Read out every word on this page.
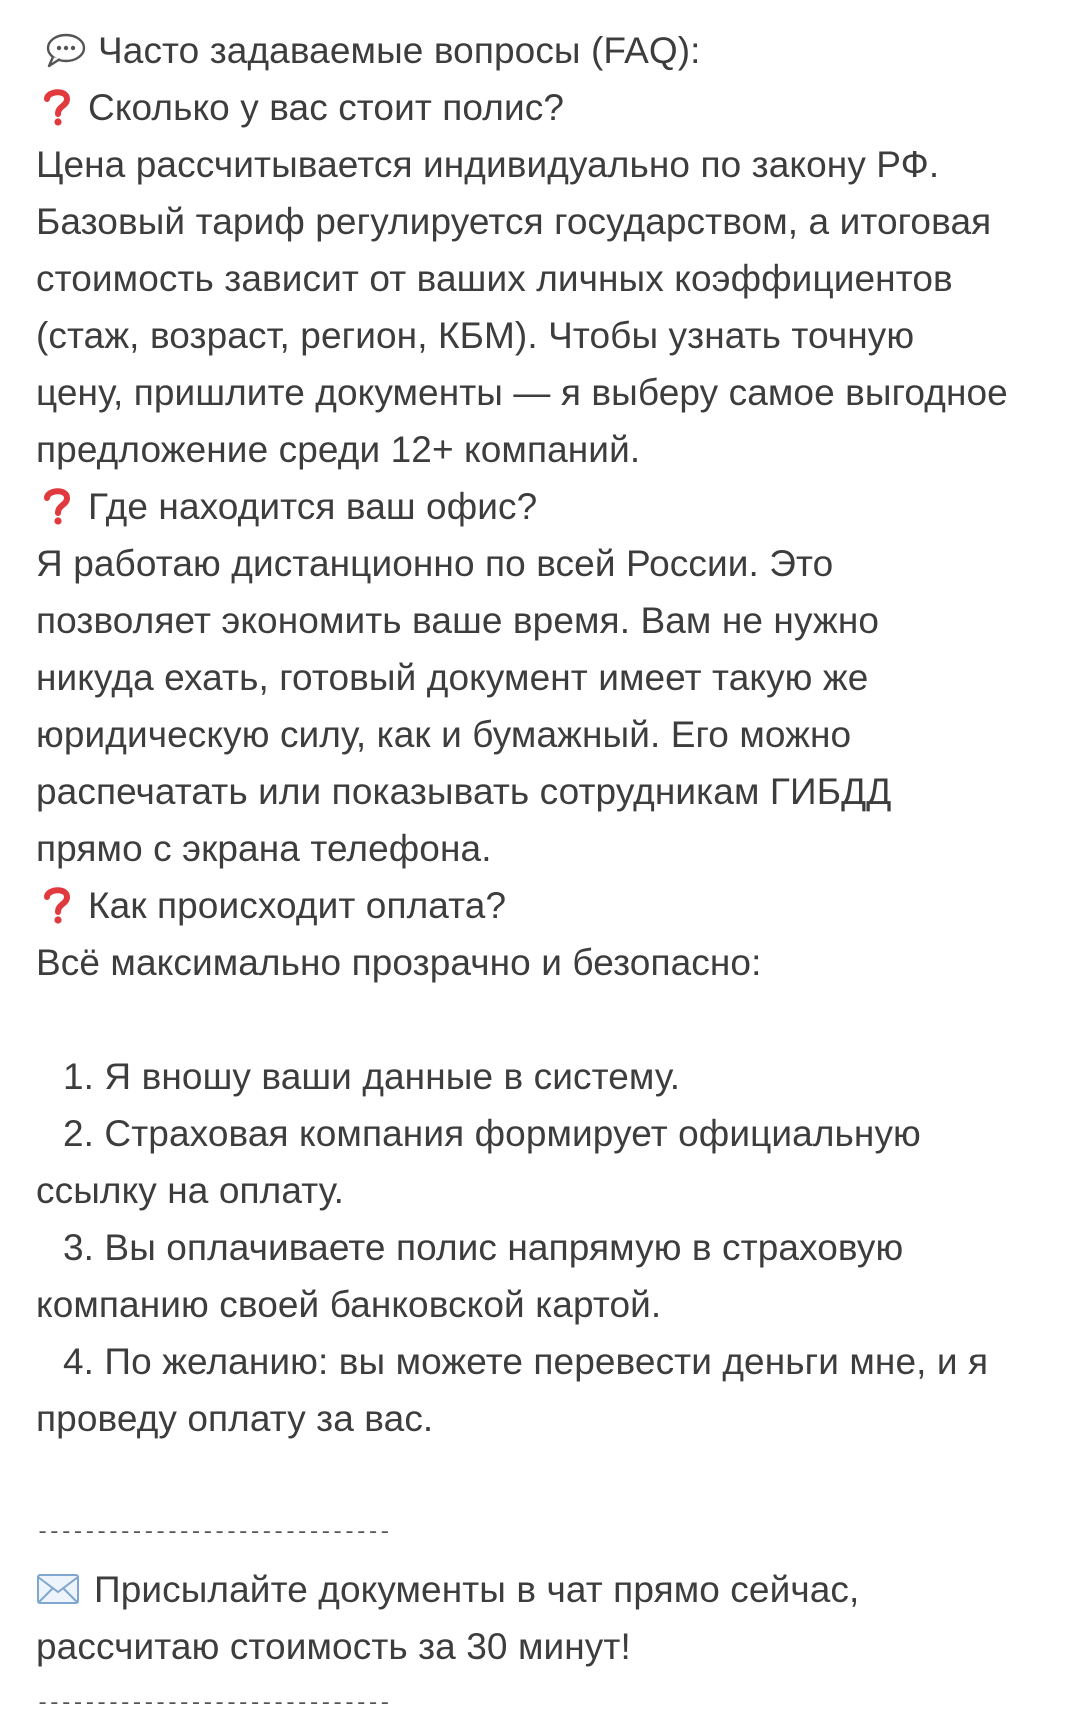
Часто задаваемые вопросы (FAQ):
Сколько у вас стоит полис?
Цена рассчитывается индивидуально по закону РФ.
Базовый тариф регулируется государством, а итоговая
стоимость зависит от ваших личных коэффициентов
(стаж, возраст, регион, КБМ). Чтобы узнать точную
цену, пришлите документы — я выберу самое выгодное
предложение среди 12+ компаний.
Где находится ваш офис?
Я работаю дистанционно по всей России. Это
позволяет экономить ваше время. Вам не нужно
никуда ехать, готовый документ имеет такую же
юридическую силу, как и бумажный. Его можно
распечатать или показывать сотрудникам ГИБДД
прямо с экрана телефона.
Как происходит оплата?
Всё максимально прозрачно и безопасно:
1. Я вношу ваши данные в систему.
2. Страховая компания формирует официальную
ссылку на оплату.
3. Вы оплачиваете полис напрямую в страховую
компанию своей банковской картой.
4. По желанию: вы можете перевести деньги мне, и я
проведу оплату за вас.
------------------------------
Присылайте документы в чат прямо сейчас,
рассчитаю стоимость за 30 минут!
------------------------------
